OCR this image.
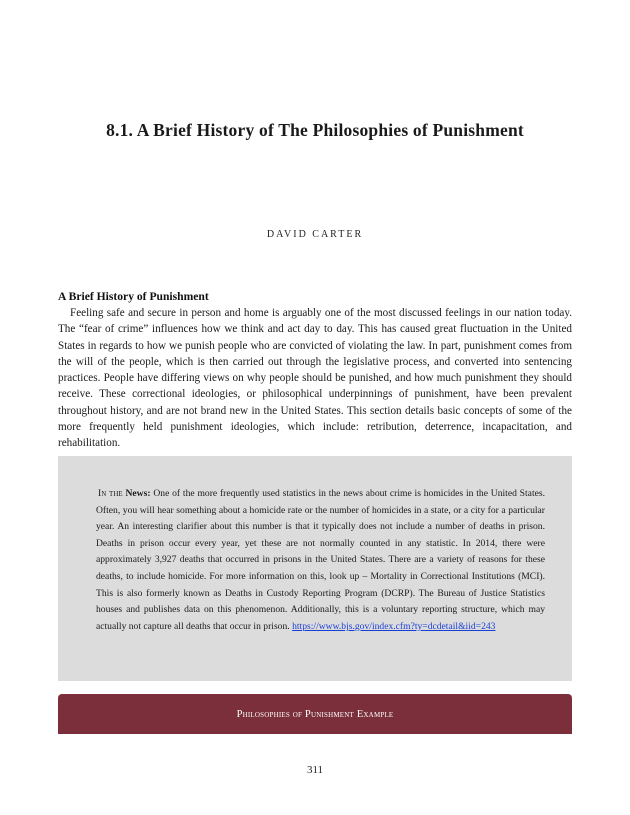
8.1. A Brief History of The Philosophies of Punishment
DAVID CARTER
A Brief History of Punishment

Feeling safe and secure in person and home is arguably one of the most discussed feelings in our nation today. The “fear of crime” influences how we think and act day to day. This has caused great fluctuation in the United States in regards to how we punish people who are convicted of violating the law. In part, punishment comes from the will of the people, which is then carried out through the legislative process, and converted into sentencing practices. People have differing views on why people should be punished, and how much punishment they should receive. These correctional ideologies, or philosophical underpinnings of punishment, have been prevalent throughout history, and are not brand new in the United States. This section details basic concepts of some of the more frequently held punishment ideologies, which include: retribution, deterrence, incapacitation, and rehabilitation.

In the News: One of the more frequently used statistics in the news about crime is homicides in the United States. Often, you will hear something about a homicide rate or the number of homicides in a state, or a city for a particular year. An interesting clarifier about this number is that it typically does not include a number of deaths in prison. Deaths in prison occur every year, yet these are not normally counted in any statistic. In 2014, there were approximately 3,927 deaths that occurred in prisons in the United States. There are a variety of reasons for these deaths, to include homicide. For more information on this, look up – Mortality in Correctional Institutions (MCI). This is also formerly known as Deaths in Custody Reporting Program (DCRP). The Bureau of Justice Statistics houses and publishes data on this phenomenon. Additionally, this is a voluntary reporting structure, which may actually not capture all deaths that occur in prison. https://www.bjs.gov/index.cfm?ty=dcdetail&iid=243

Philosophies of Punishment Example
311
